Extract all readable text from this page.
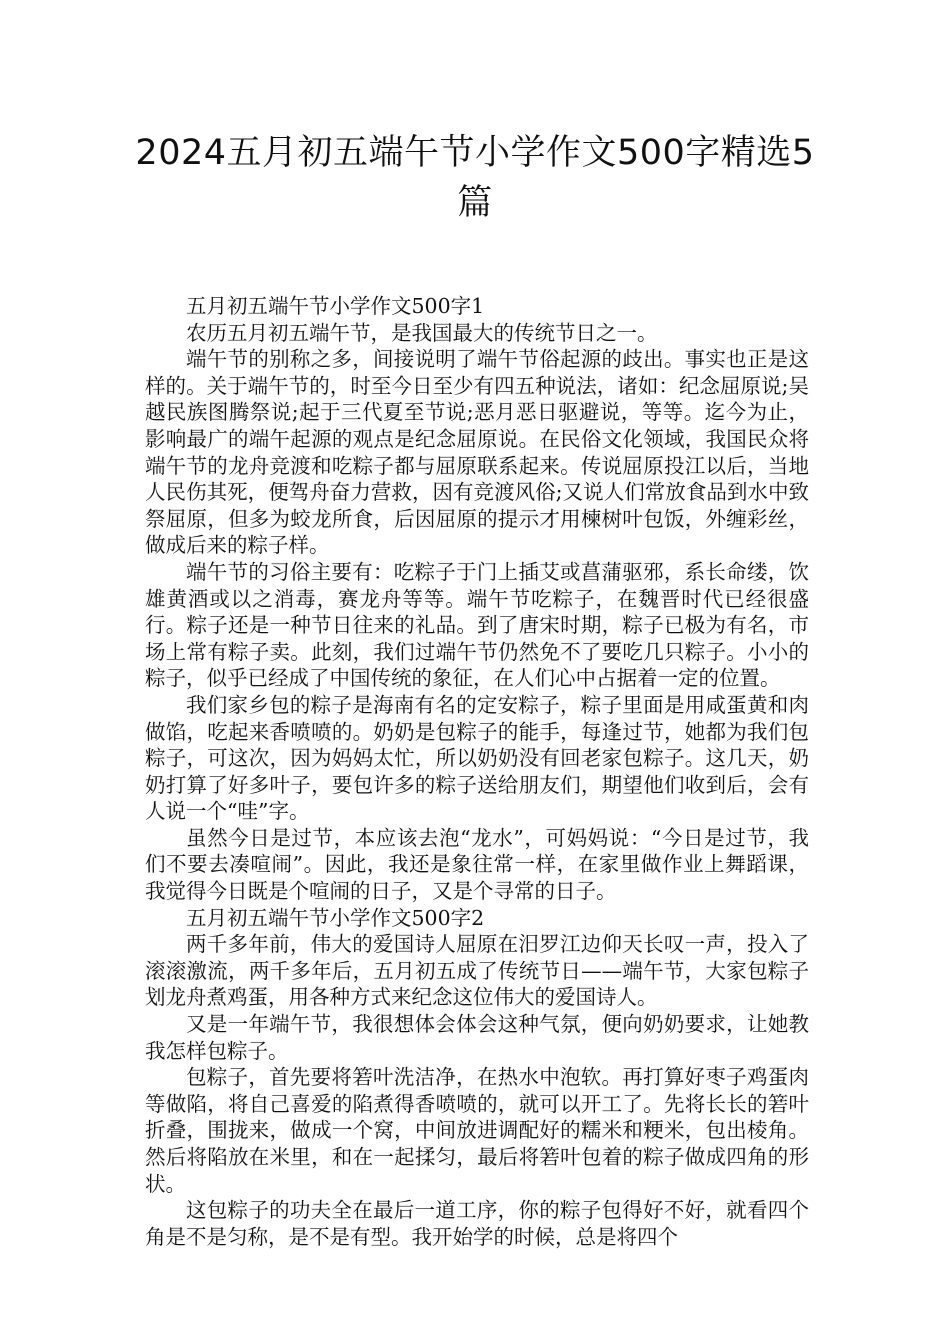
2024五月初五端午节小学作文500字精选5篇

五月初五端午节小学作文500字1

农历五月初五端午节，是我国最大的传统节日之一。

端午节的别称之多，间接说明了端午节俗起源的歧出。事实也正是这样的。关于端午节的，时至今日至少有四五种说法，诸如：纪念屈原说;吴越民族图腾祭说;起于三代夏至节说;恶月恶日驱避说，等等。迄今为止，影响最广的端午起源的观点是纪念屈原说。在民俗文化领域，我国民众将端午节的龙舟竞渡和吃粽子都与屈原联系起来。传说屈原投江以后，当地人民伤其死，便驾舟奋力营救，因有竞渡风俗;又说人们常放食品到水中致祭屈原，但多为蛟龙所食，后因屈原的提示才用楝树叶包饭，外缠彩丝，做成后来的粽子样。

端午节的习俗主要有：吃粽子于门上插艾或菖蒲驱邪，系长命缕，饮雄黄酒或以之消毒，赛龙舟等等。端午节吃粽子，在魏晋时代已经很盛行。粽子还是一种节日往来的礼品。到了唐宋时期，粽子已极为有名，市场上常有粽子卖。此刻，我们过端午节仍然免不了要吃几只粽子。小小的粽子，似乎已经成了中国传统的象征，在人们心中占据着一定的位置。

我们家乡包的粽子是海南有名的定安粽子，粽子里面是用咸蛋黄和肉做馅，吃起来香喷喷的。奶奶是包粽子的能手，每逢过节，她都为我们包粽子，可这次，因为妈妈太忙，所以奶奶没有回老家包粽子。这几天，奶奶打算了好多叶子，要包许多的粽子送给朋友们，期望他们收到后，会有人说一个“哇”字。

虽然今日是过节，本应该去泡“龙水”，可妈妈说：“今日是过节，我们不要去凑喧闹”。因此，我还是象往常一样，在家里做作业上舞蹈课，我觉得今日既是个喧闹的日子，又是个寻常的日子。

五月初五端午节小学作文500字2

两千多年前，伟大的爱国诗人屈原在汨罗江边仰天长叹一声，投入了滚滚激流，两千多年后，五月初五成了传统节日——端午节，大家包粽子划龙舟煮鸡蛋，用各种方式来纪念这位伟大的爱国诗人。

又是一年端午节，我很想体会体会这种气氛，便向奶奶要求，让她教我怎样包粽子。

包粽子，首先要将箬叶洗洁净，在热水中泡软。再打算好枣子鸡蛋肉等做陷，将自己喜爱的陷煮得香喷喷的，就可以开工了。先将长长的箬叶折叠，围拢来，做成一个窝，中间放进调配好的糯米和粳米，包出棱角。然后将陷放在米里，和在一起揉匀，最后将箬叶包着的粽子做成四角的形状。

这包粽子的功夫全在最后一道工序，你的粽子包得好不好，就看四个角是不是匀称，是不是有型。我开始学的时候，总是将四个
